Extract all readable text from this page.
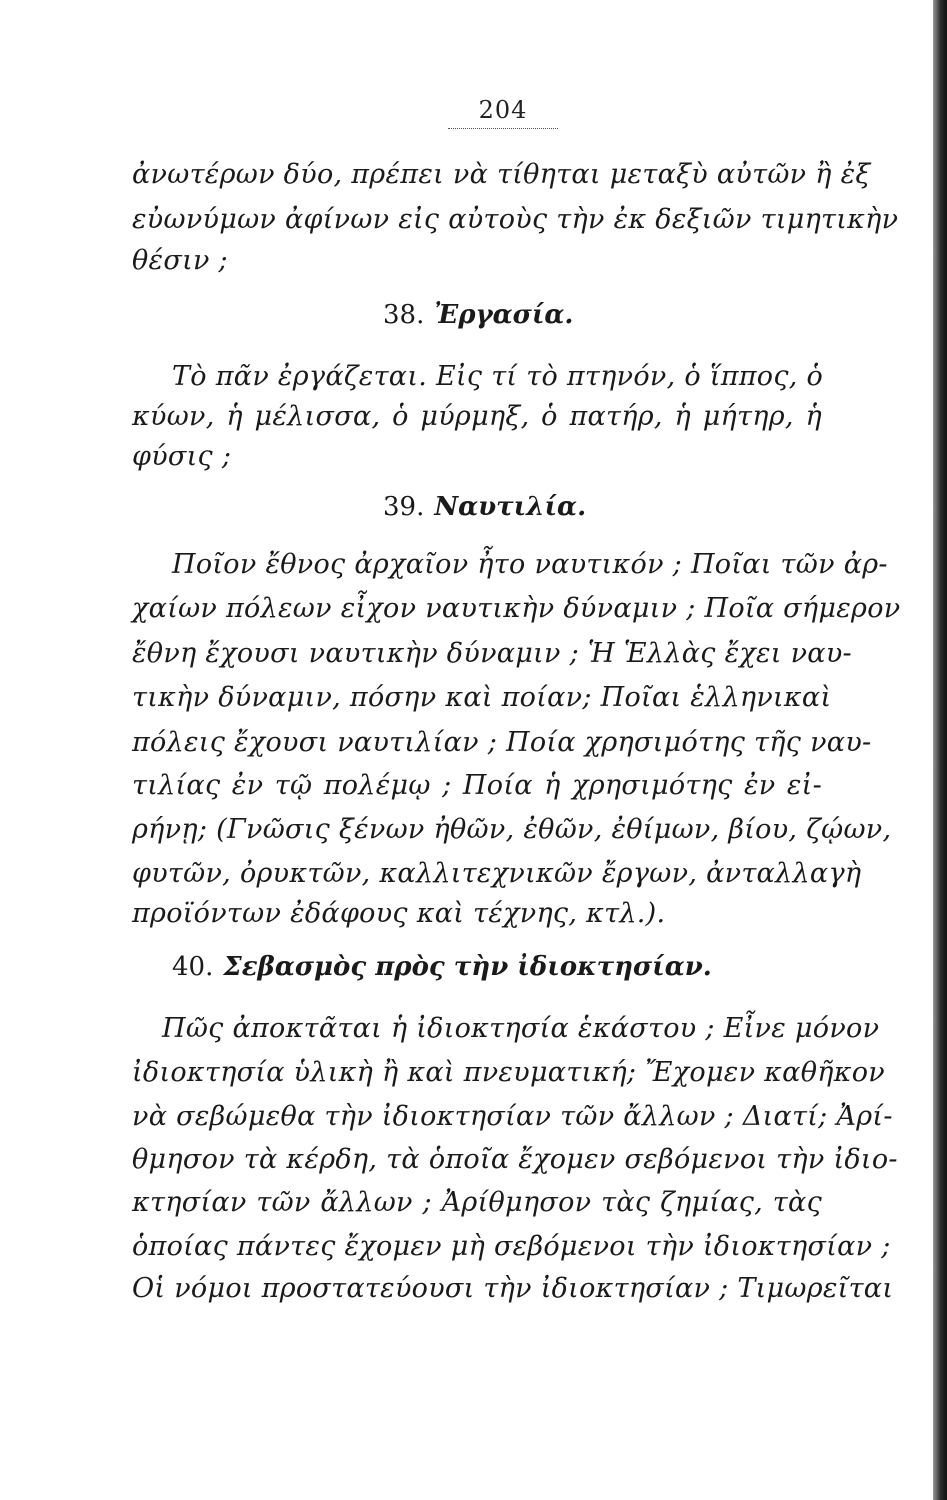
204
ἀνωτέρων δύο, πρέπει νὰ τίθηται μεταξὺ αὐτῶν ἢ ἐξ
εὐωνύμων ἀφίνων εἰς αὐτοὺς τὴν ἐκ δεξιῶν τιμητικὴν
θέσιν ;
38. Ἐργασία.
Τὸ πᾶν ἐργάζεται. Εἰς τί τὸ πτηνόν, ὁ ἵππος, ὁ
κύων, ἡ μέλισσα, ὁ μύρμηξ, ὁ πατήρ, ἡ μήτηρ, ἡ
φύσις ;
39. Ναυτιλία.
Ποῖον ἔθνος ἀρχαῖον ἦτο ναυτικόν ; Ποῖαι τῶν ἀρ-
χαίων πόλεων εἶχον ναυτικὴν δύναμιν ; Ποῖα σήμερον
ἔθνη ἔχουσι ναυτικὴν δύναμιν ; Ἡ Ἑλλὰς ἔχει ναυ-
τικὴν δύναμιν, πόσην καὶ ποίαν; Ποῖαι ἑλληνικαὶ
πόλεις ἔχουσι ναυτιλίαν ; Ποία χρησιμότης τῆς ναυ-
τιλίας ἐν τῷ πολέμῳ ; Ποία ἡ χρησιμότης ἐν εἰ-
ρήνῃ; (Γνῶσις ξένων ἠθῶν, ἐθῶν, ἐθίμων, βίου, ζῴων,
φυτῶν, ὀρυκτῶν, καλλιτεχνικῶν ἔργων, ἀνταλλαγὴ
προϊόντων ἐδάφους καὶ τέχνης, κτλ.).
40. Σεβασμὸς πρὸς τὴν ἰδιοκτησίαν.
Πῶς ἀποκτᾶται ἡ ἰδιοκτησία ἑκάστου ; Εἶνε μόνον
ἰδιοκτησία ὑλικὴ ἢ καὶ πνευματική; Ἔχομεν καθῆκον
νὰ σεβώμεθα τὴν ἰδιοκτησίαν τῶν ἄλλων ; Διατί; Ἀρί-
θμησον τὰ κέρδη, τὰ ὁποῖα ἔχομεν σεβόμενοι τὴν ἰδιο-
κτησίαν τῶν ἄλλων ; Ἀρίθμησον τὰς ζημίας, τὰς
ὁποίας πάντες ἔχομεν μὴ σεβόμενοι τὴν ἰδιοκτησίαν ;
Οἱ νόμοι προστατεύουσι τὴν ἰδιοκτησίαν ; Τιμωρεῖται
